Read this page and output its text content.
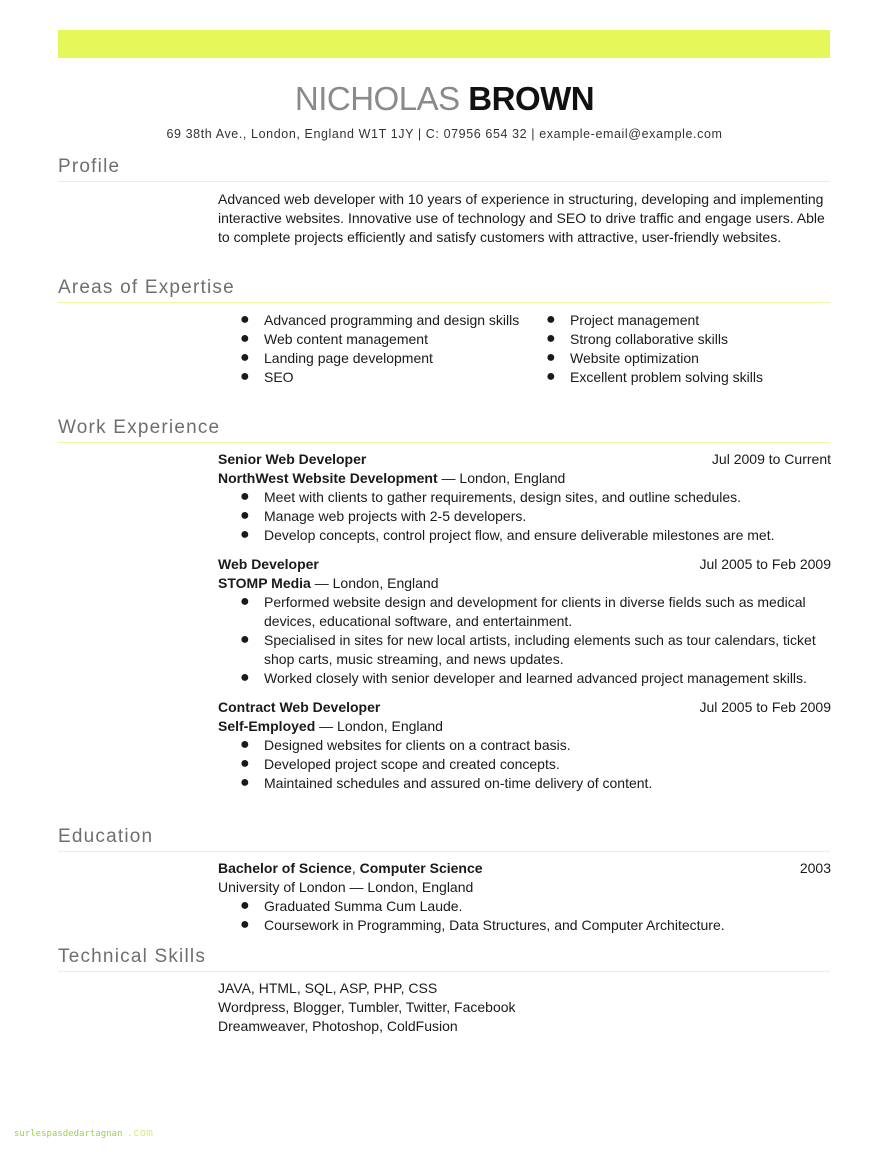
NICHOLAS BROWN
69 38th Ave., London, England W1T 1JY | C: 07956 654 32 | example-email@example.com
Profile

Advanced web developer with 10 years of experience in structuring, developing and implementing interactive websites. Innovative use of technology and SEO to drive traffic and engage users. Able to complete projects efficiently and satisfy customers with attractive, user-friendly websites.

Areas of Expertise
● Advanced programming and design skills
● Web content management
● Landing page development
● SEO
● Project management
● Strong collaborative skills
● Website optimization
● Excellent problem solving skills
Work Experience
Senior Web Developer	Jul 2009 to Current
NorthWest Website Development — London, England
● Meet with clients to gather requirements, design sites, and outline schedules.
● Manage web projects with 2-5 developers.
● Develop concepts, control project flow, and ensure deliverable milestones are met.
Web Developer	Jul 2005 to Feb 2009
STOMP Media — London, England
● Performed website design and development for clients in diverse fields such as medical devices, educational software, and entertainment.
● Specialised in sites for new local artists, including elements such as tour calendars, ticket shop carts, music streaming, and news updates.
● Worked closely with senior developer and learned advanced project management skills.
Contract Web Developer	Jul 2005 to Feb 2009
Self-Employed — London, England
● Designed websites for clients on a contract basis.
● Developed project scope and created concepts.
● Maintained schedules and assured on-time delivery of content.
Education
Bachelor of Science, Computer Science	2003
University of London — London, England
● Graduated Summa Cum Laude.
● Coursework in Programming, Data Structures, and Computer Architecture.
Technical Skills
JAVA, HTML, SQL, ASP, PHP, CSS
Wordpress, Blogger, Tumbler, Twitter, Facebook
Dreamweaver, Photoshop, ColdFusion
surlespasdedartagnan .com
